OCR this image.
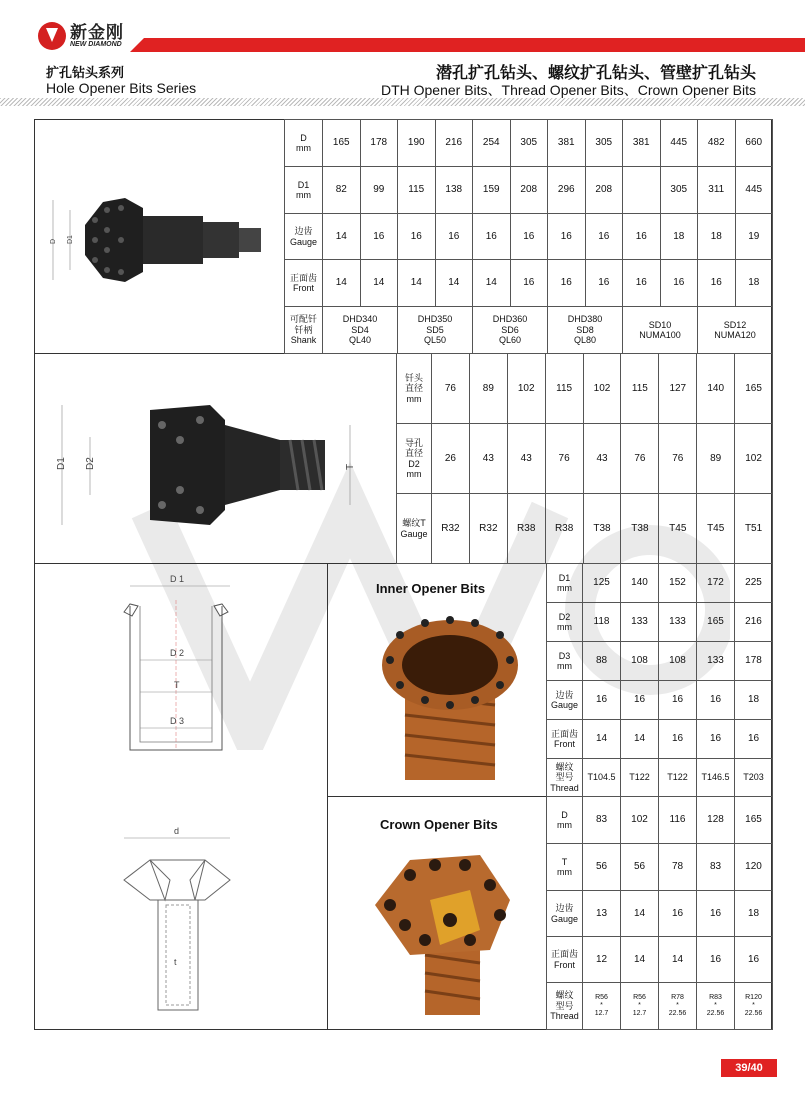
新金刚
NEW DIAMOND
扩孔钻头系列
Hole Opener Bits Series
潜孔扩孔钻头、螺纹扩孔钻头、管壁扩孔钻头
DTH Opener Bits、Thread Opener Bits、Crown Opener Bits
D D1
D
mm	165	178	190	216	254	305	381	305	381	445	482	660
D1
mm	82	99	115	138	159	208	296	208		305	311	445
边齿
Gauge	14	16	16	16	16	16	16	16	16	18	18	19
正面齿
Front	14	14	14	14	14	16	16	16	16	16	16	18
可配钎
钎柄
Shank	DHD340
SD4
QL40		DHD350
SD5
QL50		DHD360
SD6
QL60		DHD380
SD8
QL80		SD10
NUMA100		SD12
NUMA120	
D1 D2	T
钎头
直径
mm	76	89	102	115	102	115	127	140	165
导孔
直径
D2
mm	26	43	43	76	43	76	76	89	102
螺纹T
Gauge	R32	R32	R38	R38	T38	T38	T45	T45	T51
D 1
D 2
T
D 3
Inner Opener Bits
D1
mm	125	140	152	172	225
D2
mm	118	133	133	165	216
D3
mm	88	108	108	133	178
边齿
Gauge	16	16	16	16	18
正面齿
Front	14	14	16	16	16
螺纹
型号
Thread	T104.5	T122	T122	T146.5	T203
d
t
Crown Opener Bits
D
mm	83	102	116	128	165
T
mm	56	56	78	83	120
边齿
Gauge	13	14	16	16	18
正面齿
Front	12	14	14	16	16
螺纹
型号
Thread	R56
*
12.7	R56
*
12.7	R78
*
22.56	R83
*
22.56	R120
*
22.56
39/40
